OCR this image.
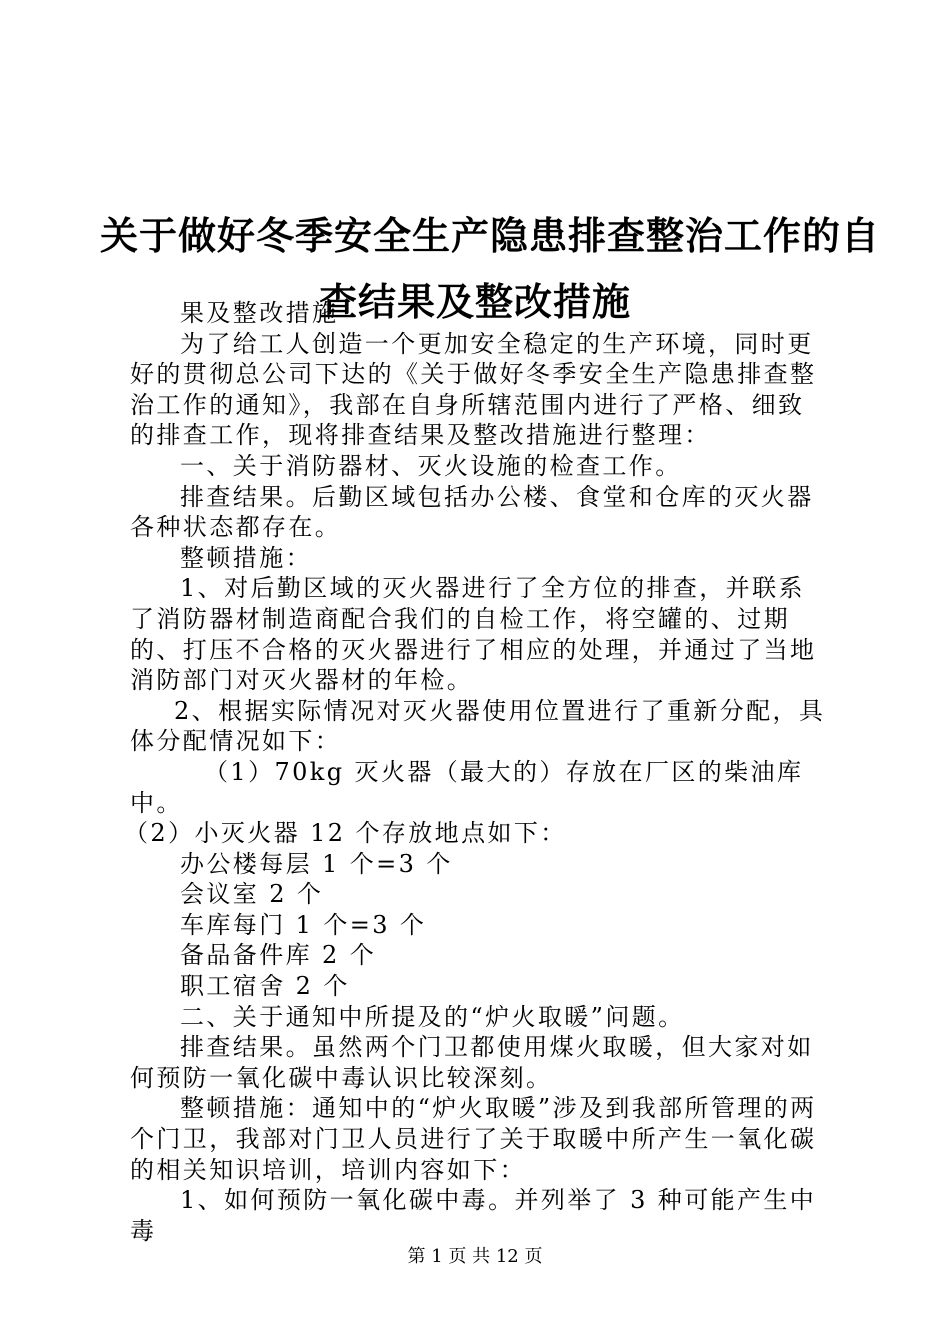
关于做好冬季安全生产隐患排查整治工作的自
查结果及整改措施

果及整改措施

为了给工人创造一个更加安全稳定的生产环境，同时更好的贯彻总公司下达的《关于做好冬季安全生产隐患排查整治工作的通知》，我部在自身所辖范围内进行了严格、细致的排查工作，现将排查结果及整改措施进行整理：

一、关于消防器材、灭火设施的检查工作。

排查结果。后勤区域包括办公楼、食堂和仓库的灭火器各种状态都存在。

整顿措施：

1、对后勤区域的灭火器进行了全方位的排查，并联系了消防器材制造商配合我们的自检工作，将空罐的、过期的、打压不合格的灭火器进行了相应的处理，并通过了当地消防部门对灭火器材的年检。

2、根据实际情况对灭火器使用位置进行了重新分配，具体分配情况如下：

（1）70kg 灭火器（最大的）存放在厂区的柴油库中。

（2）小灭火器 12 个存放地点如下：

办公楼每层 1 个=3 个

会议室 2 个

车库每门 1 个=3 个

备品备件库 2 个

职工宿舍 2 个

二、关于通知中所提及的“炉火取暖”问题。

排查结果。虽然两个门卫都使用煤火取暖，但大家对如何预防一氧化碳中毒认识比较深刻。

整顿措施：通知中的“炉火取暖”涉及到我部所管理的两个门卫，我部对门卫人员进行了关于取暖中所产生一氧化碳的相关知识培训，培训内容如下：

1、如何预防一氧化碳中毒。并列举了 3 种可能产生中毒

第 1 页 共 12 页
